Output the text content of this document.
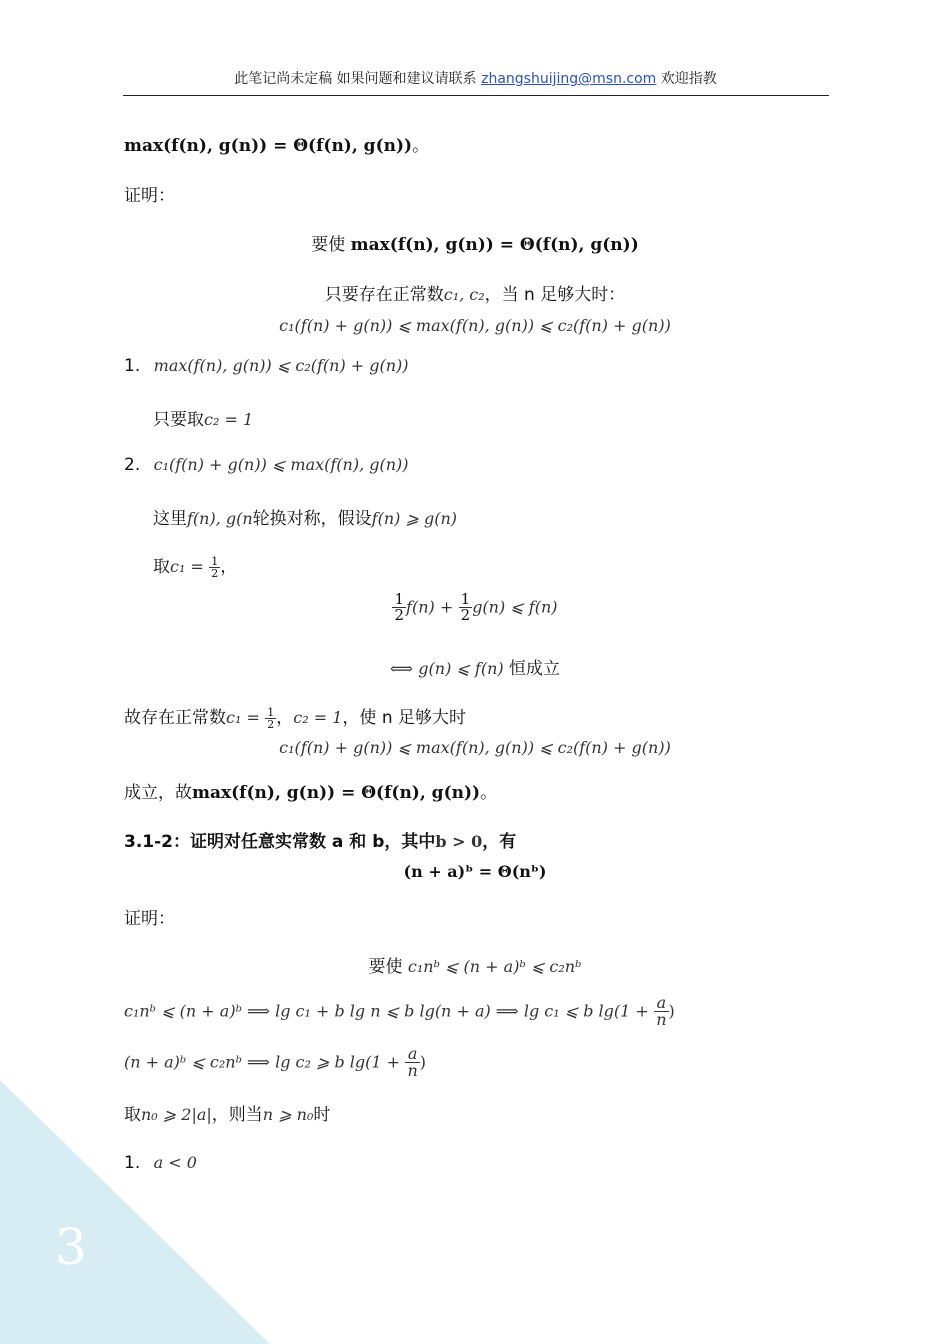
此笔记尚未定稿 如果问题和建议请联系 zhangshuijing@msn.com 欢迎指教
max(f(n), g(n)) = Θ(f(n), g(n))。
证明：
要使 max(f(n), g(n)) = Θ(f(n), g(n))
只要存在正常数c₁, c₂，当 n 足够大时：
c₁(f(n) + g(n)) ⩽ max(f(n), g(n)) ⩽ c₂(f(n) + g(n))
1. max(f(n), g(n)) ⩽ c₂(f(n) + g(n))
只要取c₂ = 1
2. c₁(f(n) + g(n)) ⩽ max(f(n), g(n))
这里f(n), g(n轮换对称，假设f(n) ⩾ g(n)
取$c_1 = \frac{1}{2}$ ，
$\frac{1}{2} f(n) + \frac{1}{2} g(n)$ ⩽ f(n)
⟺ g(n) ⩽ f(n) 恒成立
故存在正常数$c_1 = \frac{1}{2}$ ，c₂ = 1，使 n 足够大时
c₁(f(n) + g(n)) ⩽ max(f(n), g(n)) ⩽ c₂(f(n) + g(n))
成立，故max(f(n), g(n)) = Θ(f(n), g(n))。
3.1-2：证明对任意实常数 a 和 b，其中b > 0，有
(n + a)ᵇ = Θ(nᵇ)
证明：
要使 c₁nᵇ ⩽ (n + a)ᵇ ⩽ c₂nᵇ
c₁nᵇ ⩽ (n + a)ᵇ ⟹ lg c₁ + b lg n ⩽ b lg(n + a) ⟹ lg c₁ ⩽ b $\lg(1 + \frac{a}{n}$ )
(n + a)ᵇ ⩽ c₂nᵇ ⟹ lg c₂ ⩾ b $\lg(1 + \frac{a}{n}$ )
取n₀ ⩾ 2|a|，则当n ⩾ n₀时
1. a < 0
3
